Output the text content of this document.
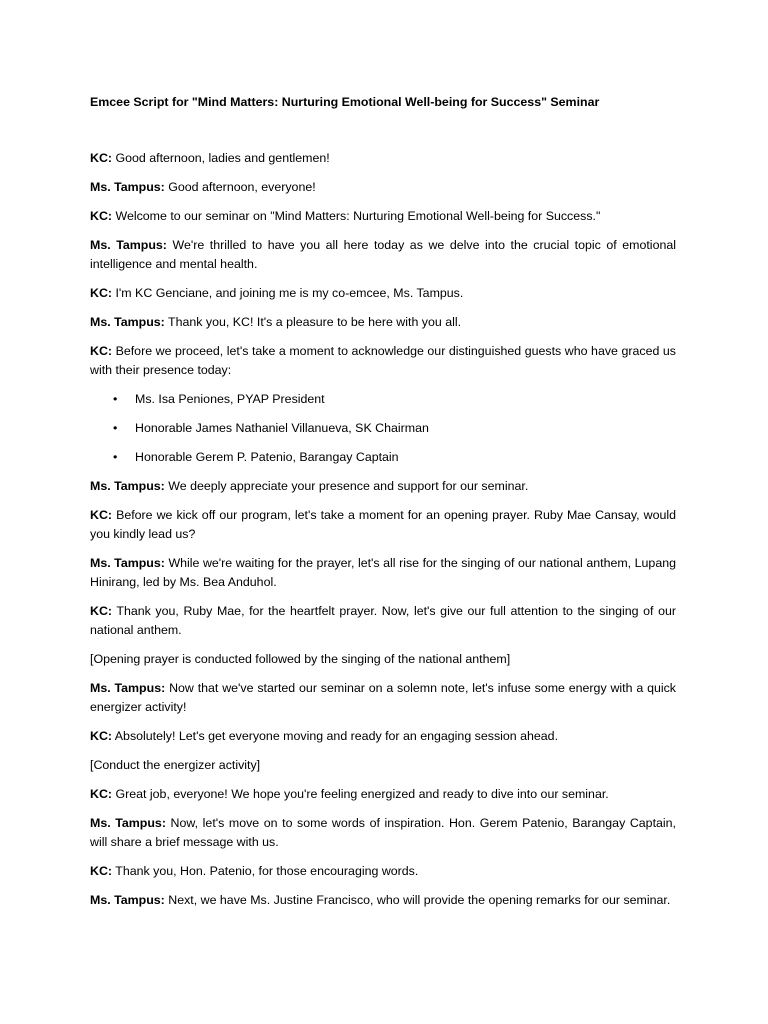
Emcee Script for "Mind Matters: Nurturing Emotional Well-being for Success" Seminar

KC: Good afternoon, ladies and gentlemen!

Ms. Tampus: Good afternoon, everyone!

KC: Welcome to our seminar on "Mind Matters: Nurturing Emotional Well-being for Success."

Ms. Tampus: We're thrilled to have you all here today as we delve into the crucial topic of emotional intelligence and mental health.

KC: I'm KC Genciane, and joining me is my co-emcee, Ms. Tampus.

Ms. Tampus: Thank you, KC! It's a pleasure to be here with you all.

KC: Before we proceed, let's take a moment to acknowledge our distinguished guests who have graced us with their presence today:

• Ms. Isa Peniones, PYAP President
• Honorable James Nathaniel Villanueva, SK Chairman
• Honorable Gerem P. Patenio, Barangay Captain

Ms. Tampus: We deeply appreciate your presence and support for our seminar.

KC: Before we kick off our program, let's take a moment for an opening prayer. Ruby Mae Cansay, would you kindly lead us?

Ms. Tampus: While we're waiting for the prayer, let's all rise for the singing of our national anthem, Lupang Hinirang, led by Ms. Bea Anduhol.

KC: Thank you, Ruby Mae, for the heartfelt prayer. Now, let's give our full attention to the singing of our national anthem.

[Opening prayer is conducted followed by the singing of the national anthem]

Ms. Tampus: Now that we've started our seminar on a solemn note, let's infuse some energy with a quick energizer activity!

KC: Absolutely! Let's get everyone moving and ready for an engaging session ahead.

[Conduct the energizer activity]

KC: Great job, everyone! We hope you're feeling energized and ready to dive into our seminar.

Ms. Tampus: Now, let's move on to some words of inspiration. Hon. Gerem Patenio, Barangay Captain, will share a brief message with us.

KC: Thank you, Hon. Patenio, for those encouraging words.

Ms. Tampus: Next, we have Ms. Justine Francisco, who will provide the opening remarks for our seminar.
